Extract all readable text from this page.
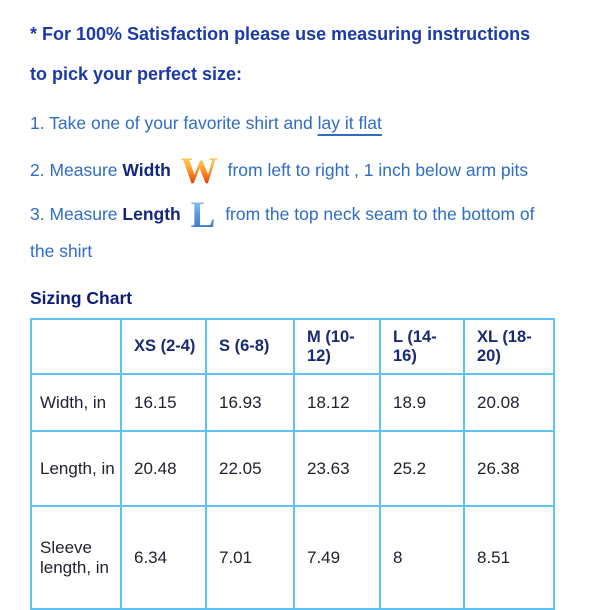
* For 100% Satisfaction please use measuring instructions
to pick your perfect size:

1. Take one of your favorite shirt and lay it flat

2. Measure Width W from left to right , 1 inch below arm pits

3. Measure Length L from the top neck seam to the bottom of
the shirt

Sizing Chart

	XS (2-4)	S (6-8)	M (10-12)	L (14-16)	XL (18-20)
Width, in	16.15	16.93	18.12	18.9	20.08
Length, in	20.48	22.05	23.63	25.2	26.38
Sleeve length, in	6.34	7.01	7.49	8	8.51
